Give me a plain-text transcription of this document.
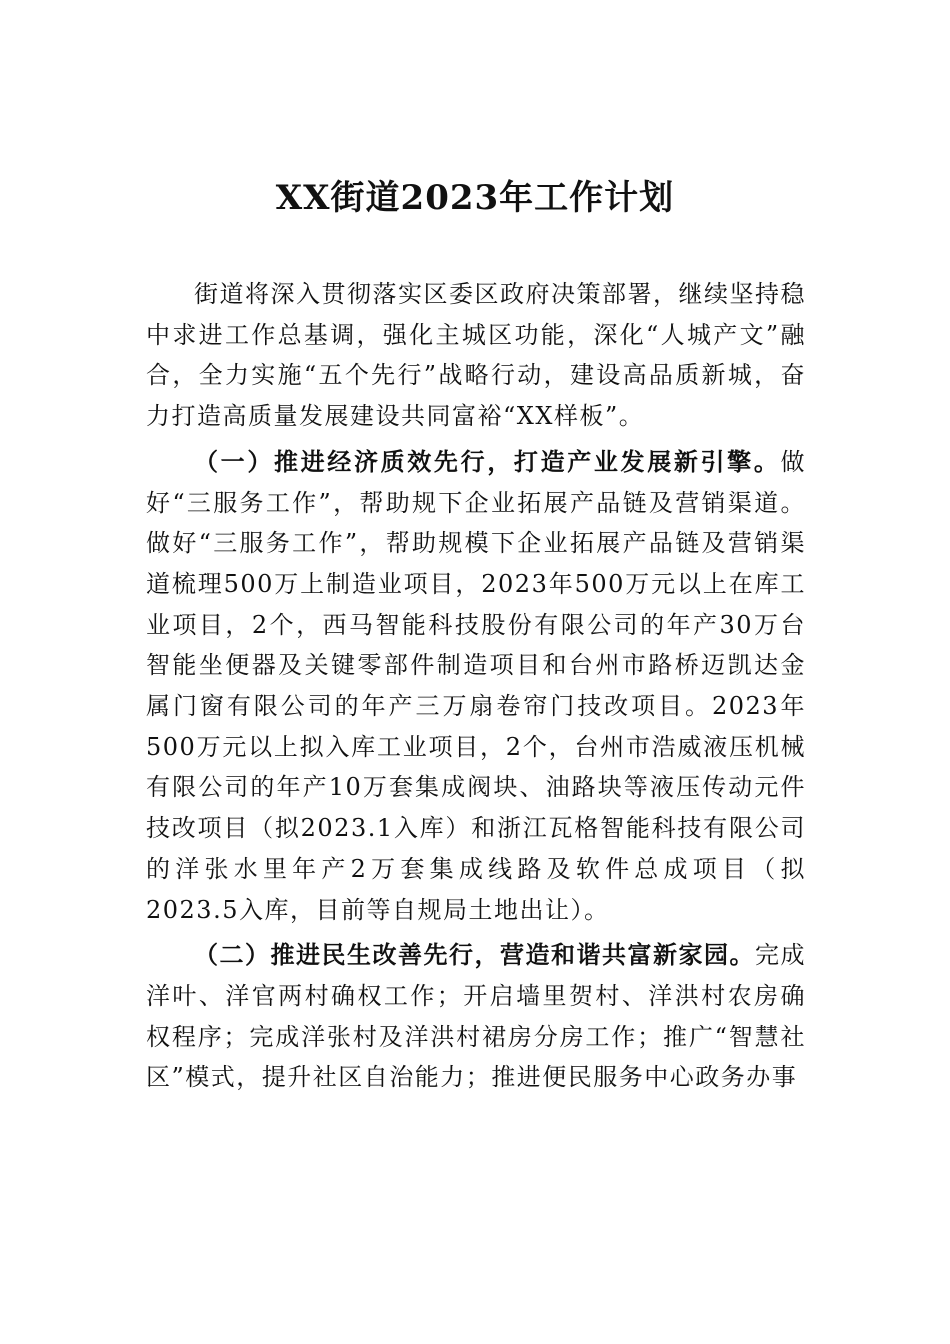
XX街道2023年工作计划

街道将深入贯彻落实区委区政府决策部署，继续坚持稳中求进工作总基调，强化主城区功能，深化“人城产文”融合，全力实施“五个先行”战略行动，建设高品质新城，奋力打造高质量发展建设共同富裕“XX样板”。

（一）推进经济质效先行，打造产业发展新引擎。做好“三服务工作”，帮助规下企业拓展产品链及营销渠道。做好“三服务工作”，帮助规模下企业拓展产品链及营销渠道梳理500万上制造业项目，2023年500万元以上在库工业项目，2个，西马智能科技股份有限公司的年产30万台智能坐便器及关键零部件制造项目和台州市路桥迈凯达金属门窗有限公司的年产三万扇卷帘门技改项目。2023年500万元以上拟入库工业项目，2个，台州市浩威液压机械有限公司的年产10万套集成阀块、油路块等液压传动元件技改项目（拟2023.1入库）和浙江瓦格智能科技有限公司的洋张水里年产2万套集成线路及软件总成项目（拟2023.5入库，目前等自规局土地出让）。

（二）推进民生改善先行，营造和谐共富新家园。完成洋叶、洋官两村确权工作；开启墙里贺村、洋洪村农房确权程序；完成洋张村及洋洪村裙房分房工作；推广“智慧社区”模式，提升社区自治能力；推进便民服务中心政务办事
